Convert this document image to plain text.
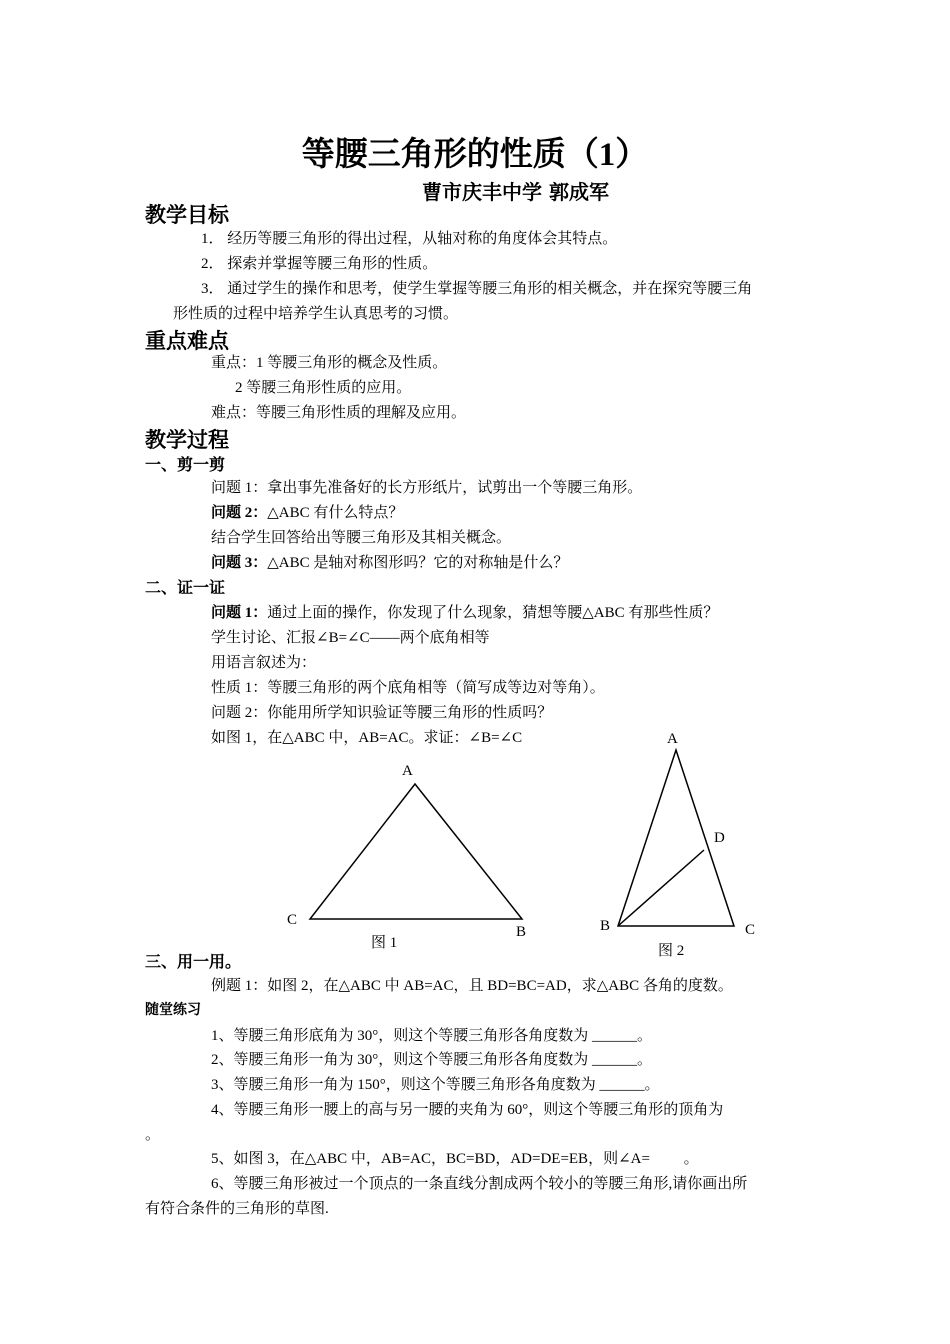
等腰三角形的性质（1）
曹市庆丰中学 郭成军
教学目标
1． 经历等腰三角形的得出过程，从轴对称的角度体会其特点。
2． 探索并掌握等腰三角形的性质。
3． 通过学生的操作和思考，使学生掌握等腰三角形的相关概念，并在探究等腰三角
形性质的过程中培养学生认真思考的习惯。
重点难点
重点：1 等腰三角形的概念及性质。
2 等腰三角形性质的应用。
难点：等腰三角形性质的理解及应用。
教学过程
一、剪一剪
问题 1：拿出事先准备好的长方形纸片，试剪出一个等腰三角形。
问题 2：△ABC 有什么特点？
结合学生回答给出等腰三角形及其相关概念。
问题 3：△ABC 是轴对称图形吗？它的对称轴是什么？
二、证一证
问题 1：通过上面的操作，你发现了什么现象，猜想等腰△ABC 有那些性质？
学生讨论、汇报∠B=∠C——两个底角相等
用语言叙述为：
性质 1：等腰三角形的两个底角相等（简写成等边对等角）。
问题 2：你能用所学知识验证等腰三角形的性质吗？
如图 1，在△ABC 中，AB=AC。求证：∠B=∠C
A
C
B
图 1
A
D
B	C
图 2
三、用一用。
例题 1：如图 2，在△ABC 中 AB=AC，且 BD=BC=AD，求△ABC 各角的度数。
随堂练习
1、等腰三角形底角为 30°，则这个等腰三角形各角度数为 ______。
2、等腰三角形一角为 30°，则这个等腰三角形各角度数为 ______。
3、等腰三角形一角为 150°，则这个等腰三角形各角度数为 ______。
4、等腰三角形一腰上的高与另一腰的夹角为 60°，则这个等腰三角形的顶角为
。
5、如图 3，在△ABC 中，AB=AC，BC=BD，AD=DE=EB，则∠A=　　 。
6、等腰三角形被过一个顶点的一条直线分割成两个较小的等腰三角形,请你画出所
有符合条件的三角形的草图.
